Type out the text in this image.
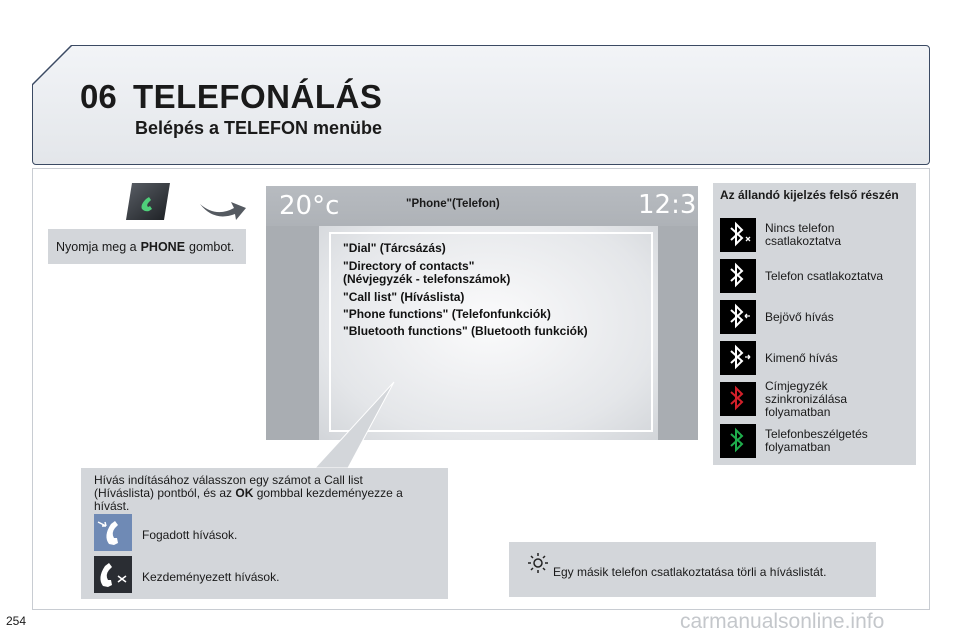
06 TELEFONÁLÁS
Belépés a TELEFON menübe
Nyomja meg a PHONE gombot.
20°c	12:30
"Phone"(Telefon)
"Dial" (Tárcsázás)
"Directory of contacts"
(Névjegyzék - telefonszámok)
"Call list" (Híváslista)
"Phone functions" (Telefonfunkciók)
"Bluetooth functions" (Bluetooth funkciók)
Az állandó kijelzés felső részén
Nincs telefon
csatlakoztatva
Telefon csatlakoztatva
Bejövő hívás
Kimenő hívás
Címjegyzék
szinkronizálása
folyamatban
Telefonbeszélgetés
folyamatban
Hívás indításához válasszon egy számot a Call list
(Híváslista) pontból, és az OK gombbal kezdeményezze a
hívást.
Fogadott hívások.
Kezdeményezett hívások.	Egy másik telefon csatlakoztatása törli a híváslistát.
254	carmanualsonline.info
